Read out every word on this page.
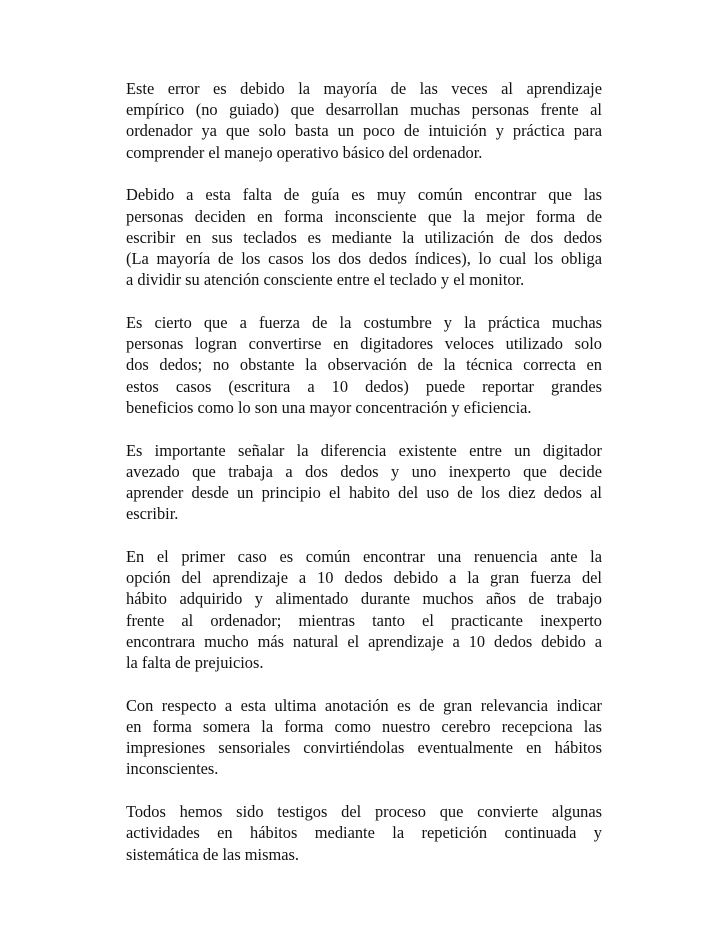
Este error es debido la mayoría de las veces al aprendizaje
empírico (no guiado) que desarrollan muchas personas frente al
ordenador ya que solo basta un poco de intuición y práctica para
comprender el manejo operativo básico del ordenador.

Debido a esta falta de guía es muy común encontrar que las
personas deciden en forma inconsciente que la mejor forma de
escribir en sus teclados es mediante la utilización de dos dedos
(La mayoría de los casos los dos dedos índices), lo cual los obliga
a dividir su atención consciente entre el teclado y el monitor.

Es cierto que a fuerza de la costumbre y la práctica muchas
personas logran convertirse en digitadores veloces utilizado solo
dos dedos; no obstante la observación de la técnica correcta en
estos casos (escritura a 10 dedos) puede reportar grandes
beneficios como lo son una mayor concentración y eficiencia.

Es importante señalar la diferencia existente entre un digitador
avezado que trabaja a dos dedos y uno inexperto que decide
aprender desde un principio el habito del uso de los diez dedos al
escribir.

En el primer caso es común encontrar una renuencia ante la
opción del aprendizaje a 10 dedos debido a la gran fuerza del
hábito adquirido y alimentado durante muchos años de trabajo
frente al ordenador; mientras tanto el practicante inexperto
encontrara mucho más natural el aprendizaje a 10 dedos debido a
la falta de prejuicios.

Con respecto a esta ultima anotación es de gran relevancia indicar
en forma somera la forma como nuestro cerebro recepciona las
impresiones sensoriales convirtiéndolas eventualmente en hábitos
inconscientes.

Todos hemos sido testigos del proceso que convierte algunas
actividades en hábitos mediante la repetición continuada y
sistemática de las mismas.
